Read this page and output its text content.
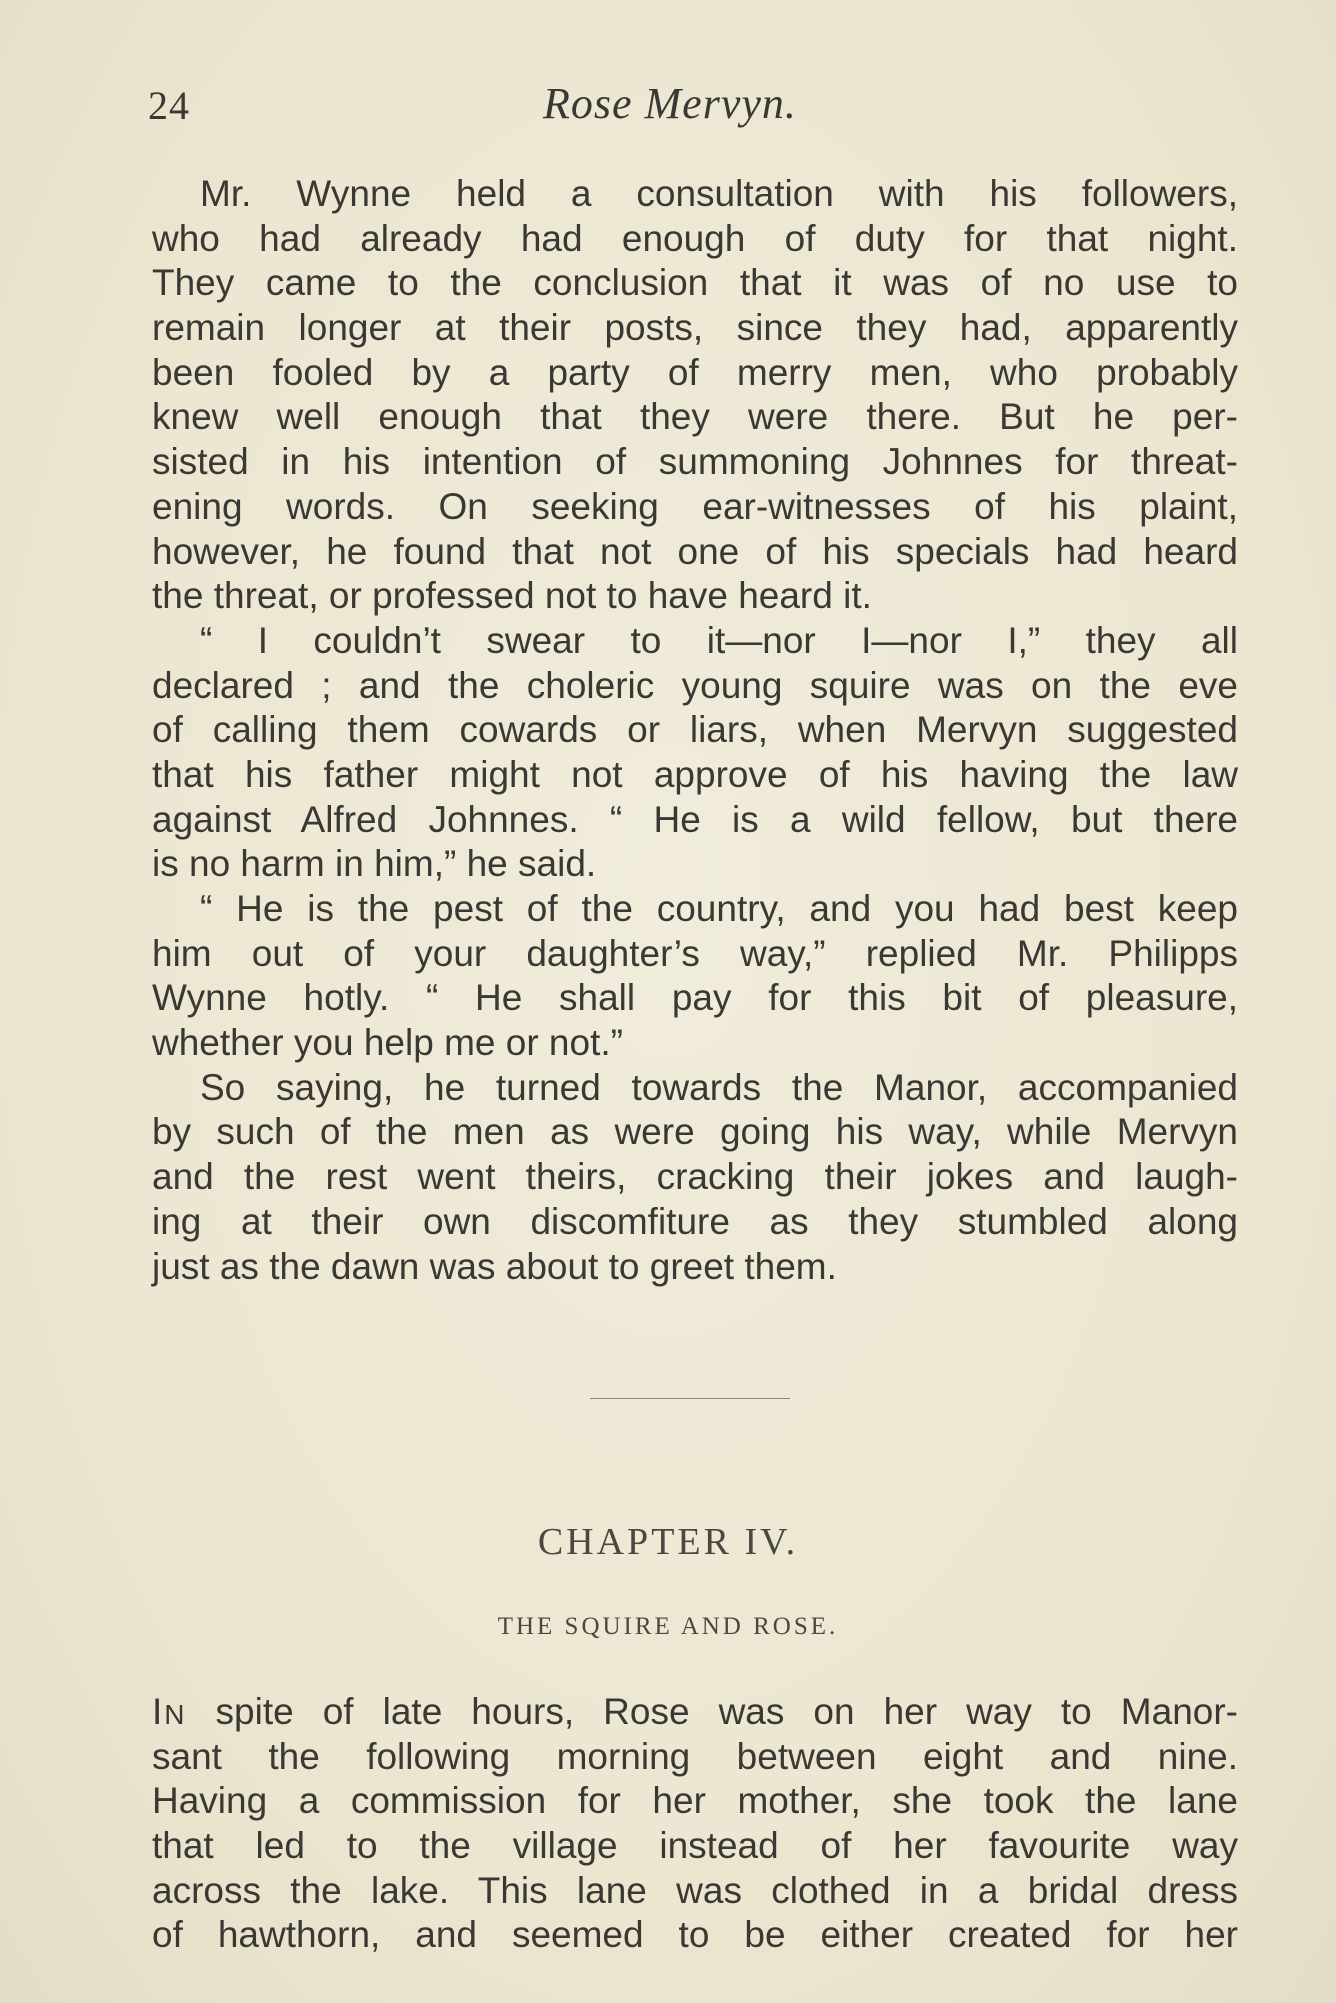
24	Rose Mervyn.
Mr. Wynne held a consultation with his followers,
who had already had enough of duty for that night.
They came to the conclusion that it was of no use to
remain longer at their posts, since they had, apparently
been fooled by a party of merry men, who probably
knew well enough that they were there. But he per-
sisted in his intention of summoning Johnnes for threat-
ening words. On seeking ear-witnesses of his plaint,
however, he found that not one of his specials had heard
the threat, or professed not to have heard it.
“ I couldn’t swear to it—nor I—nor I,” they all
declared ; and the choleric young squire was on the eve
of calling them cowards or liars, when Mervyn suggested
that his father might not approve of his having the law
against Alfred Johnnes. “ He is a wild fellow, but there
is no harm in him,” he said.
“ He is the pest of the country, and you had best keep
him out of your daughter’s way,” replied Mr. Philipps
Wynne hotly. “ He shall pay for this bit of pleasure,
whether you help me or not.”
So saying, he turned towards the Manor, accompanied
by such of the men as were going his way, while Mervyn
and the rest went theirs, cracking their jokes and laugh-
ing at their own discomfiture as they stumbled along
just as the dawn was about to greet them.
CHAPTER IV.
THE SQUIRE AND ROSE.
IN spite of late hours, Rose was on her way to Manor-
sant the following morning between eight and nine.
Having a commission for her mother, she took the lane
that led to the village instead of her favourite way
across the lake. This lane was clothed in a bridal dress
of hawthorn, and seemed to be either created for her
